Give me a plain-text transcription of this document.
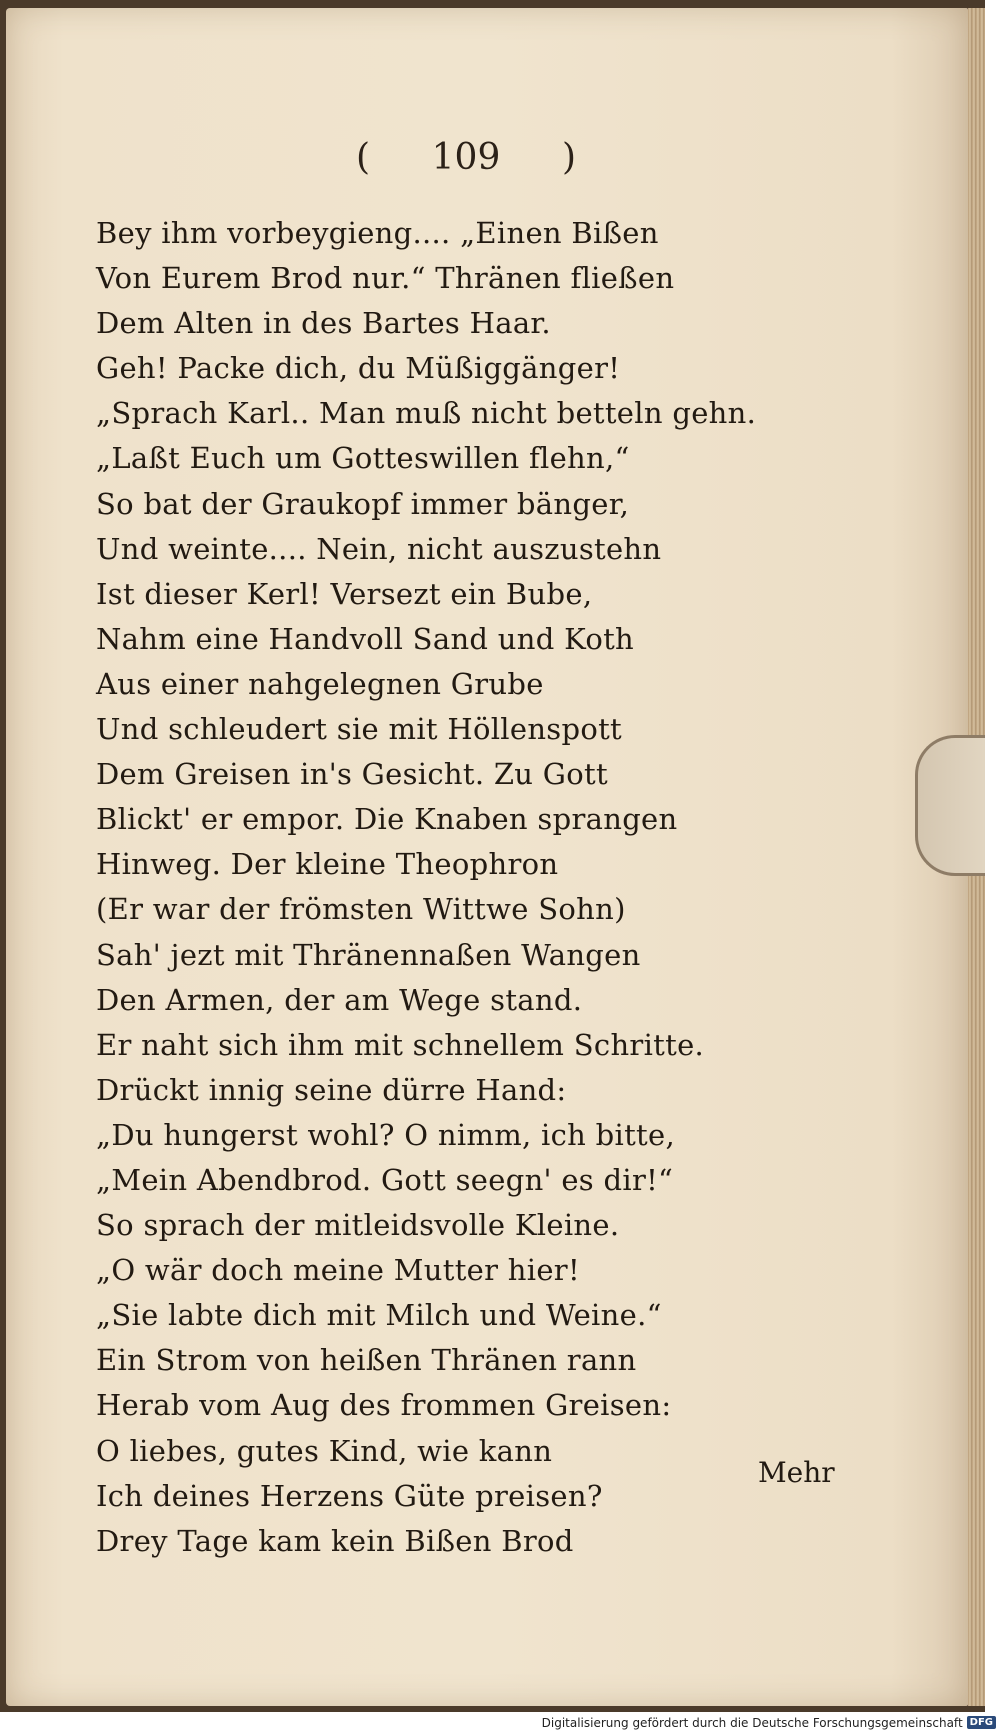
( 109 )
Bey ihm vorbeygieng.... „Einen Bißen
Von Eurem Brod nur.“ Thränen fließen
Dem Alten in des Bartes Haar.
Geh! Packe dich, du Müßiggänger!
„Sprach Karl.. Man muß nicht betteln gehn.
„Laßt Euch um Gotteswillen flehn,“
So bat der Graukopf immer bänger,
Und weinte.... Nein, nicht auszustehn
Ist dieser Kerl! Versezt ein Bube,
Nahm eine Handvoll Sand und Koth
Aus einer nahgelegnen Grube
Und schleudert sie mit Höllenspott
Dem Greisen in's Gesicht. Zu Gott
Blickt' er empor. Die Knaben sprangen
Hinweg. Der kleine Theophron
(Er war der frömsten Wittwe Sohn)
Sah' jezt mit Thränennaßen Wangen
Den Armen, der am Wege stand.
Er naht sich ihm mit schnellem Schritte.
Drückt innig seine dürre Hand:
„Du hungerst wohl? O nimm, ich bitte,
„Mein Abendbrod. Gott seegn' es dir!“
So sprach der mitleidsvolle Kleine.
„O wär doch meine Mutter hier!
„Sie labte dich mit Milch und Weine.“
Ein Strom von heißen Thränen rann
Herab vom Aug des frommen Greisen:
O liebes, gutes Kind, wie kann
Ich deines Herzens Güte preisen?
Drey Tage kam kein Bißen Brod
Mehr
Digitalisierung gefördert durch die Deutsche Forschungsgemeinschaft DFG
